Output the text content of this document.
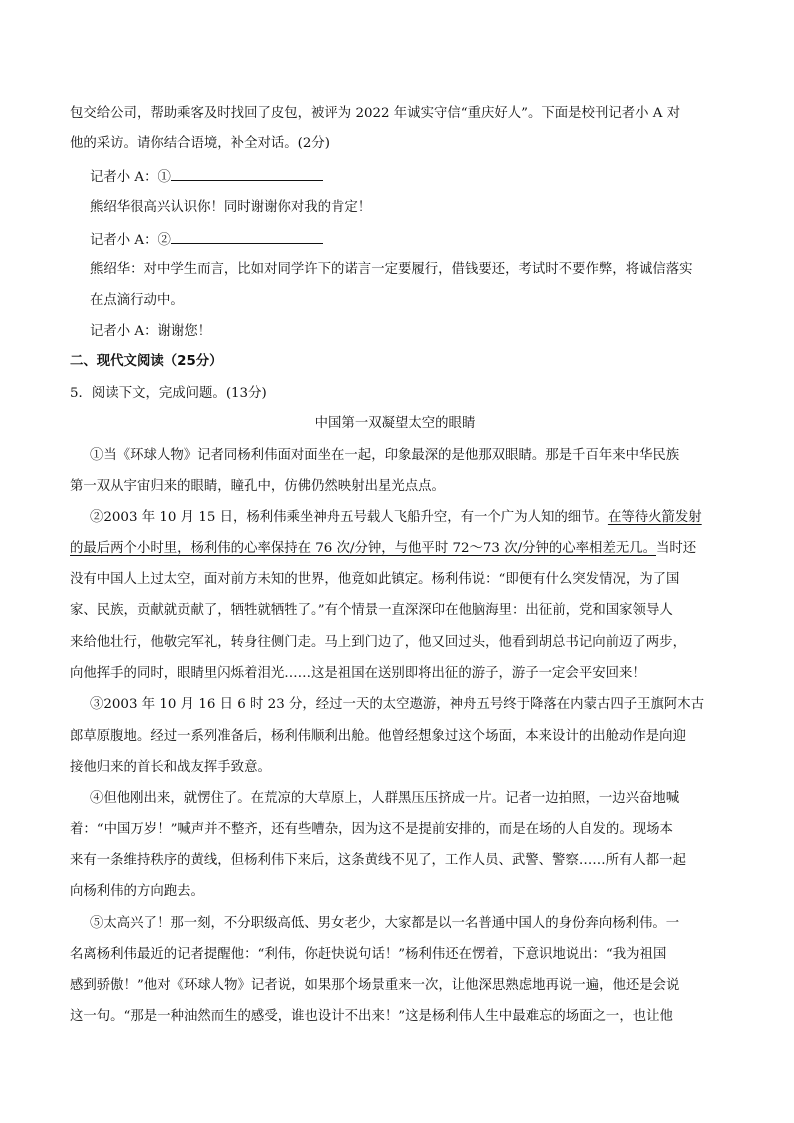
包交给公司，帮助乘客及时找回了皮包，被评为 2022 年诚实守信“重庆好人”。下面是校刊记者小 A 对
他的采访。请你结合语境，补全对话。(2分)
记者小 A：①
熊绍华很高兴认识你！同时谢谢你对我的肯定！
记者小 A：②
熊绍华：对中学生而言，比如对同学许下的诺言一定要履行，借钱要还，考试时不要作弊，将诚信落实
在点滴行动中。
记者小 A：谢谢您！
二、现代文阅读（25分）
5．阅读下文，完成问题。(13分)
中国第一双凝望太空的眼睛
①当《环球人物》记者同杨利伟面对面坐在一起，印象最深的是他那双眼睛。那是千百年来中华民族
第一双从宇宙归来的眼睛，瞳孔中，仿佛仍然映射出星光点点。
②2003 年 10 月 15 日，杨利伟乘坐神舟五号载人飞船升空，有一个广为人知的细节。在等待火箭发射
的最后两个小时里，杨利伟的心率保持在 76 次/分钟，与他平时 72～73 次/分钟的心率相差无几。当时还
没有中国人上过太空，面对前方未知的世界，他竟如此镇定。杨利伟说：“即便有什么突发情况，为了国
家、民族，贡献就贡献了，牺牲就牺牲了。”有个情景一直深深印在他脑海里：出征前，党和国家领导人
来给他壮行，他敬完军礼，转身往侧门走。马上到门边了，他又回过头，他看到胡总书记向前迈了两步，
向他挥手的同时，眼睛里闪烁着泪光……这是祖国在送别即将出征的游子，游子一定会平安回来！
③2003 年 10 月 16 日 6 时 23 分，经过一天的太空遨游，神舟五号终于降落在内蒙古四子王旗阿木古
郎草原腹地。经过一系列准备后，杨利伟顺利出舱。他曾经想象过这个场面，本来设计的出舱动作是向迎
接他归来的首长和战友挥手致意。
④但他刚出来，就愣住了。在荒凉的大草原上，人群黑压压挤成一片。记者一边拍照，一边兴奋地喊
着：“中国万岁！”喊声并不整齐，还有些嘈杂，因为这不是提前安排的，而是在场的人自发的。现场本
来有一条维持秩序的黄线，但杨利伟下来后，这条黄线不见了，工作人员、武警、警察……所有人都一起
向杨利伟的方向跑去。
⑤太高兴了！那一刻，不分职级高低、男女老少，大家都是以一名普通中国人的身份奔向杨利伟。一
名离杨利伟最近的记者提醒他：“利伟，你赶快说句话！”杨利伟还在愣着，下意识地说出：“我为祖国
感到骄傲！”他对《环球人物》记者说，如果那个场景重来一次，让他深思熟虑地再说一遍，他还是会说
这一句。“那是一种油然而生的感受，谁也设计不出来！”这是杨利伟人生中最难忘的场面之一，也让他
